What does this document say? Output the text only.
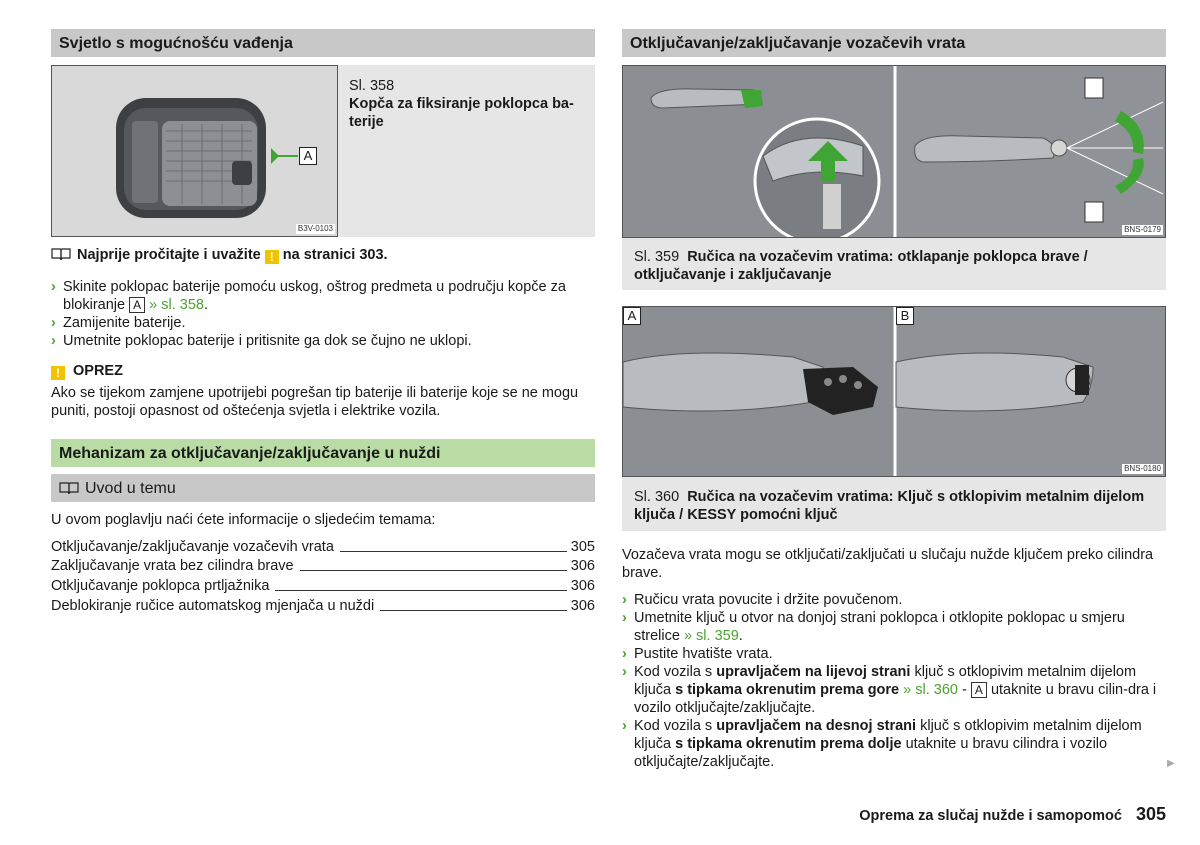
Svjetlo s mogućnošću vađenja
A
B3V-0103
Sl. 358
Kopča za fiksiranje poklopca ba-terije
Najprije pročitajte i uvažite ! na stranici 303.
› Skinite poklopac baterije pomoću uskog, oštrog predmeta u području kopče za blokiranje A » sl. 358.
› Zamijenite baterije.
› Umetnite poklopac baterije i pritisnite ga dok se čujno ne uklopi.
! OPREZ
Ako se tijekom zamjene upotrijebi pogrešan tip baterije ili baterije koje se ne mogu puniti, postoji opasnost od oštećenja svjetla i elektrike vozila.
Mehanizam za otključavanje/zaključavanje u nuždi
Uvod u temu
U ovom poglavlju naći ćete informacije o sljedećim temama:
Otključavanje/zaključavanje vozačevih vrata	305
Zaključavanje vrata bez cilindra brave	306
Otključavanje poklopca prtljažnika	306
Deblokiranje ručice automatskog mjenjača u nuždi	306
Otključavanje/zaključavanje vozačevih vrata
BNS-0179
Sl. 359 Ručica na vozačevim vratima: otklapanje poklopca brave / otključavanje i zaključavanje
A	B
BNS-0180
Sl. 360 Ručica na vozačevim vratima: Ključ s otklopivim metalnim dijelom ključa / KESSY pomoćni ključ
Vozačeva vrata mogu se otključati/zaključati u slučaju nužde ključem preko cilindra brave.
› Ručicu vrata povucite i držite povučenom.
› Umetnite ključ u otvor na donjoj strani poklopca i otklopite poklopac u smjeru strelice » sl. 359.
› Pustite hvatište vrata.
› Kod vozila s upravljačem na lijevoj strani ključ s otklopivim metalnim dijelom ključa s tipkama okrenutim prema gore » sl. 360 - A utaknite u bravu cilin-dra i vozilo otključajte/zaključajte.
› Kod vozila s upravljačem na desnoj strani ključ s otklopivim metalnim dijelom ključa s tipkama okrenutim prema dolje utaknite u bravu cilindra i vozilo otključajte/zaključajte.	▶
Oprema za slučaj nužde i samopomoć 305
